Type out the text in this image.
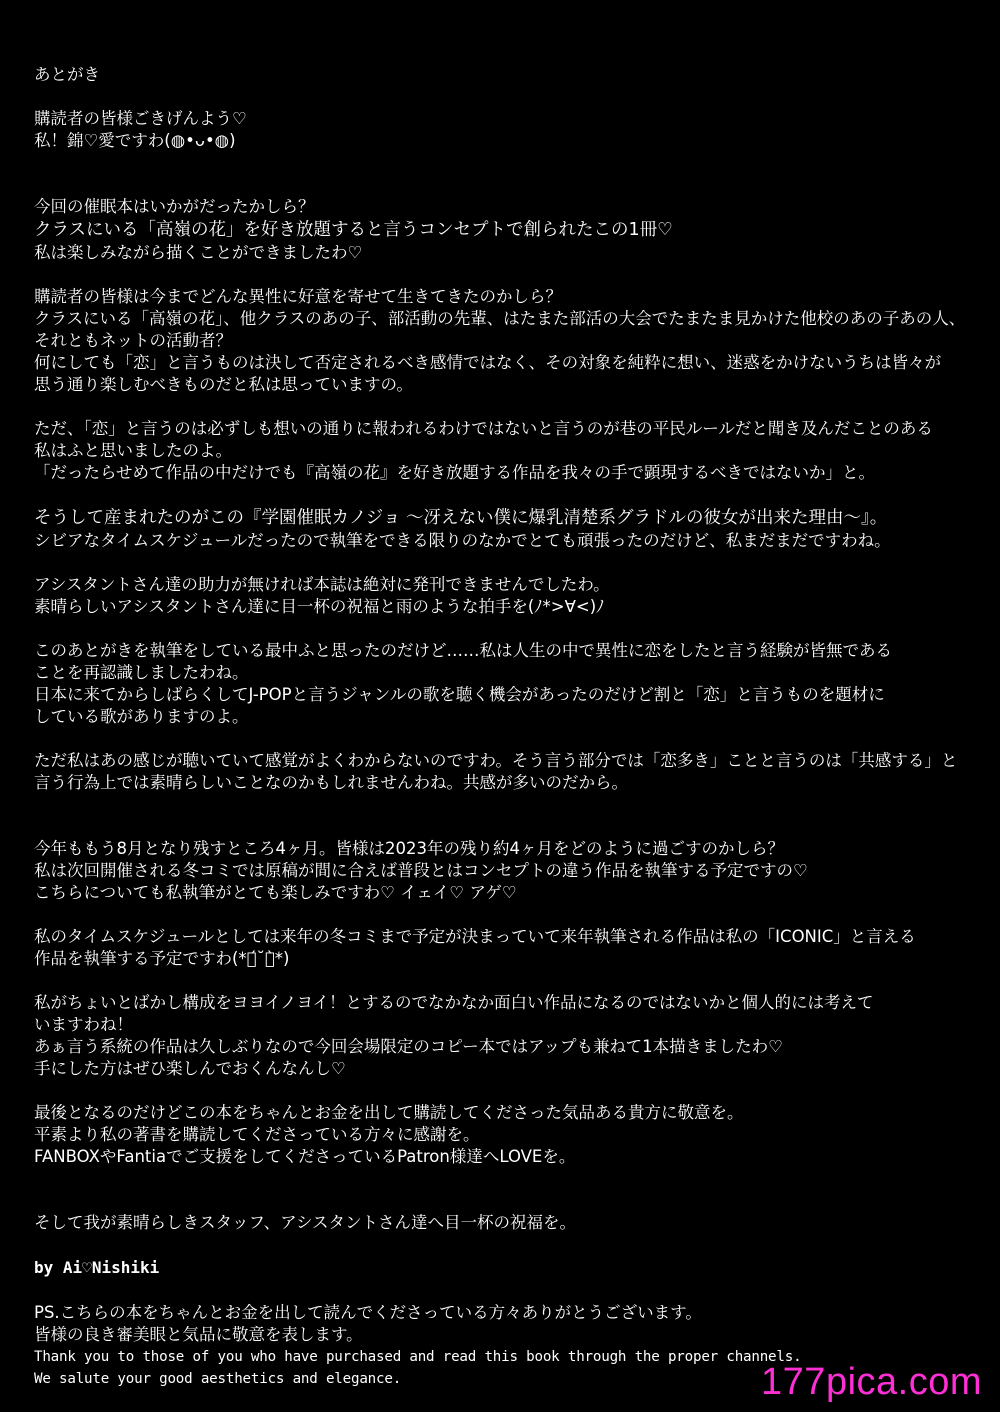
あとがき
購読者の皆様ごきげんよう♡
私！錦♡愛ですわ(◍•ᴗ•◍)
今回の催眠本はいかがだったかしら？
クラスにいる「高嶺の花」を好き放題すると言うコンセプトで創られたこの1冊♡
私は楽しみながら描くことができましたわ♡
購読者の皆様は今までどんな異性に好意を寄せて生きてきたのかしら？
クラスにいる「高嶺の花」、他クラスのあの子、部活動の先輩、はたまた部活の大会でたまたま見かけた他校のあの子あの人、
それともネットの活動者？
何にしても「恋」と言うものは決して否定されるべき感情ではなく、その対象を純粋に想い、迷惑をかけないうちは皆々が
思う通り楽しむべきものだと私は思っていますの。
ただ、「恋」と言うのは必ずしも想いの通りに報われるわけではないと言うのが巷の平民ルールだと聞き及んだことのある
私はふと思いましたのよ。
「だったらせめて作品の中だけでも『高嶺の花』を好き放題する作品を我々の手で顕現するべきではないか」と。
そうして産まれたのがこの『学園催眠カノジョ ～冴えない僕に爆乳清楚系グラドルの彼女が出来た理由～』。
シビアなタイムスケジュールだったので執筆をできる限りのなかでとても頑張ったのだけど、私まだまだですわね。
アシスタントさん達の助力が無ければ本誌は絶対に発刊できませんでしたわ。
素晴らしいアシスタントさん達に目一杯の祝福と雨のような拍手を(ﾉ*>∀<)ﾉ
このあとがきを執筆をしている最中ふと思ったのだけど……私は人生の中で異性に恋をしたと言う経験が皆無である
ことを再認識しましたわね。
日本に来てからしばらくしてJ-POPと言うジャンルの歌を聴く機会があったのだけど割と「恋」と言うものを題材に
している歌がありますのよ。
ただ私はあの感じが聴いていて感覚がよくわからないのですわ。そう言う部分では「恋多き」ことと言うのは「共感する」と
言う行為上では素晴らしいことなのかもしれませんわね。共感が多いのだから。
今年ももう8月となり残すところ4ヶ月。皆様は2023年の残り約4ヶ月をどのように過ごすのかしら？
私は次回開催される冬コミでは原稿が間に合えば普段とはコンセプトの違う作品を執筆する予定ですの♡
こちらについても私執筆がとても楽しみですわ♡ イェイ♡ アゲ♡
私のタイムスケジュールとしては来年の冬コミまで予定が決まっていて来年執筆される作品は私の「ICONIC」と言える
作品を執筆する予定ですわ(*ฅ́˘ฅ̀*)
私がちょいとばかし構成をヨヨイノヨイ！とするのでなかなか面白い作品になるのではないかと個人的には考えて
いますわね！
あぁ言う系統の作品は久しぶりなので今回会場限定のコピー本ではアップも兼ねて1本描きましたわ♡
手にした方はぜひ楽しんでおくんなんし♡
最後となるのだけどこの本をちゃんとお金を出して購読してくださった気品ある貴方に敬意を。
平素より私の著書を購読してくださっている方々に感謝を。
FANBOXやFantiaでご支援をしてくださっているPatron様達へLOVEを。
そして我が素晴らしきスタッフ、アシスタントさん達へ目一杯の祝福を。
by Ai♡Nishiki
PS.こちらの本をちゃんとお金を出して読んでくださっている方々ありがとうございます。
皆様の良き審美眼と気品に敬意を表します。
Thank you to those of you who have purchased and read this book through the proper channels.
We salute your good aesthetics and elegance.	177pica.com
